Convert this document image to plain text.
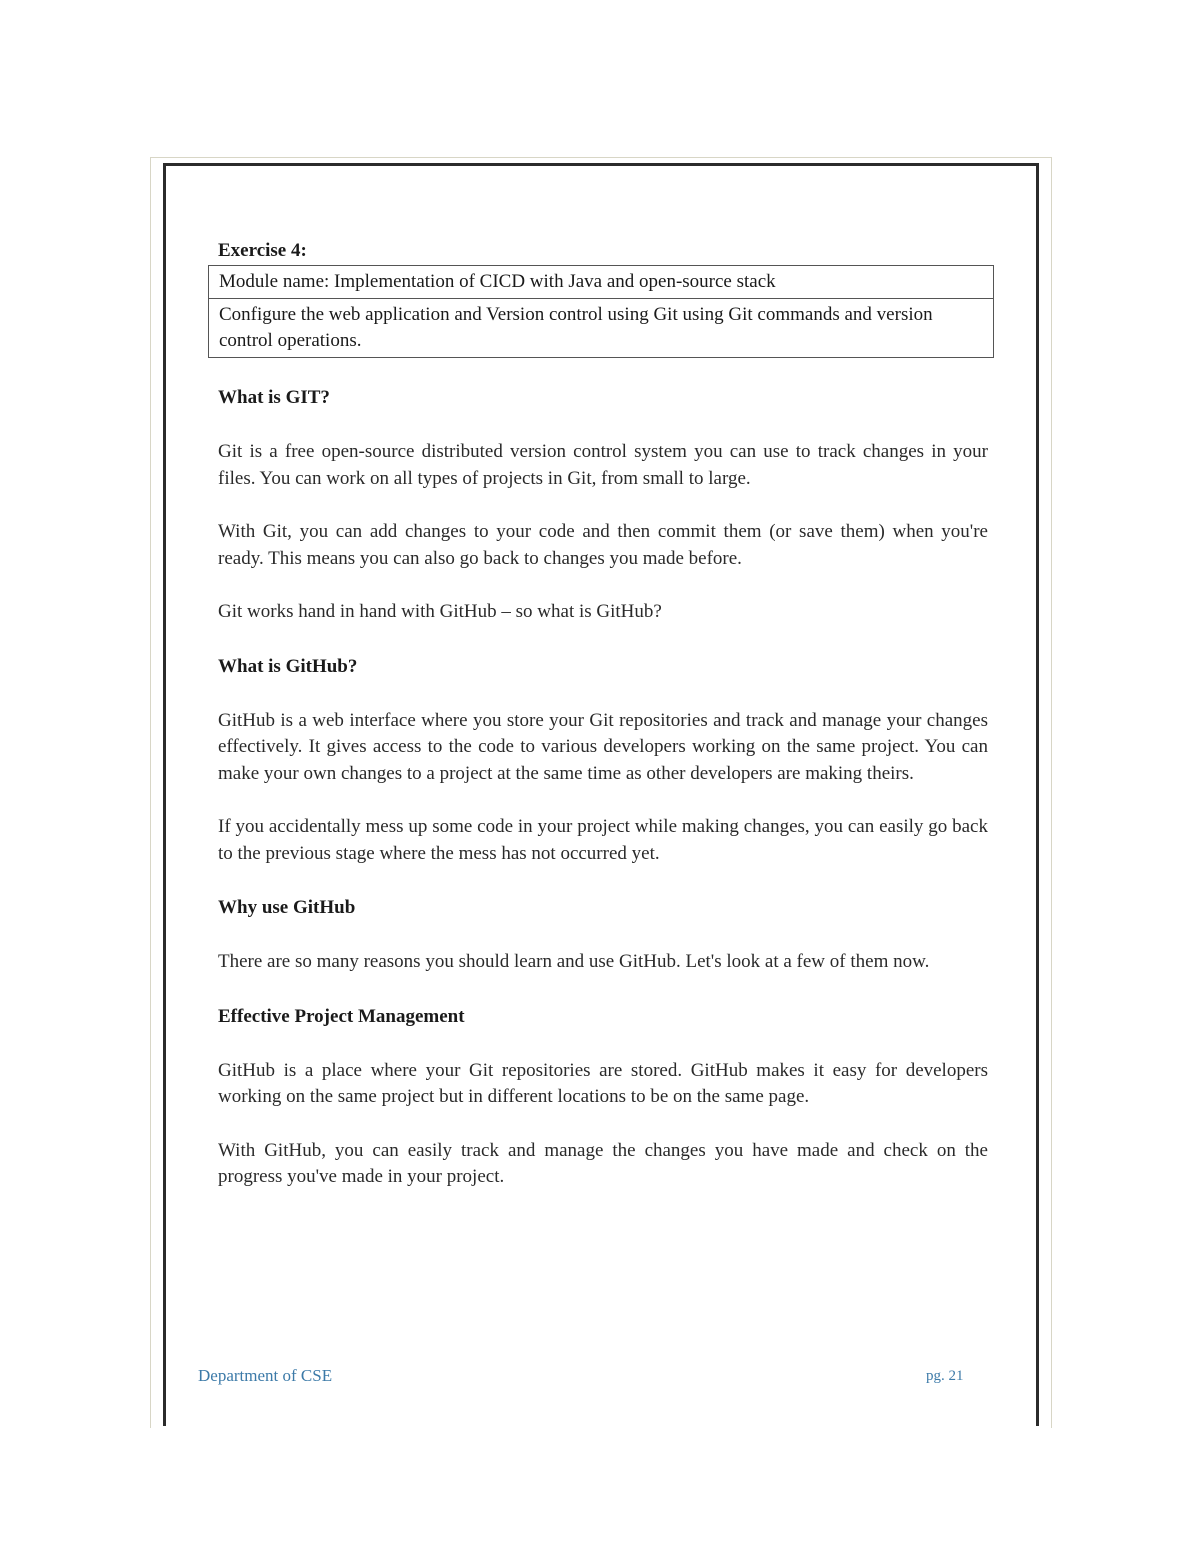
Exercise 4:
Module name: Implementation of CICD with Java and open-source stack
Configure the web application and Version control using Git using Git commands and version control operations.
What is GIT?

Git is a free open-source distributed version control system you can use to track changes in your files. You can work on all types of projects in Git, from small to large.

With Git, you can add changes to your code and then commit them (or save them) when you're ready. This means you can also go back to changes you made before.

Git works hand in hand with GitHub – so what is GitHub?

What is GitHub?

GitHub is a web interface where you store your Git repositories and track and manage your changes effectively. It gives access to the code to various developers working on the same project. You can make your own changes to a project at the same time as other developers are making theirs.

If you accidentally mess up some code in your project while making changes, you can easily go back to the previous stage where the mess has not occurred yet.

Why use GitHub

There are so many reasons you should learn and use GitHub. Let's look at a few of them now.

Effective Project Management

GitHub is a place where your Git repositories are stored. GitHub makes it easy for developers working on the same project but in different locations to be on the same page.

With GitHub, you can easily track and manage the changes you have made and check on the progress you've made in your project.

Department of CSE	pg. 21
